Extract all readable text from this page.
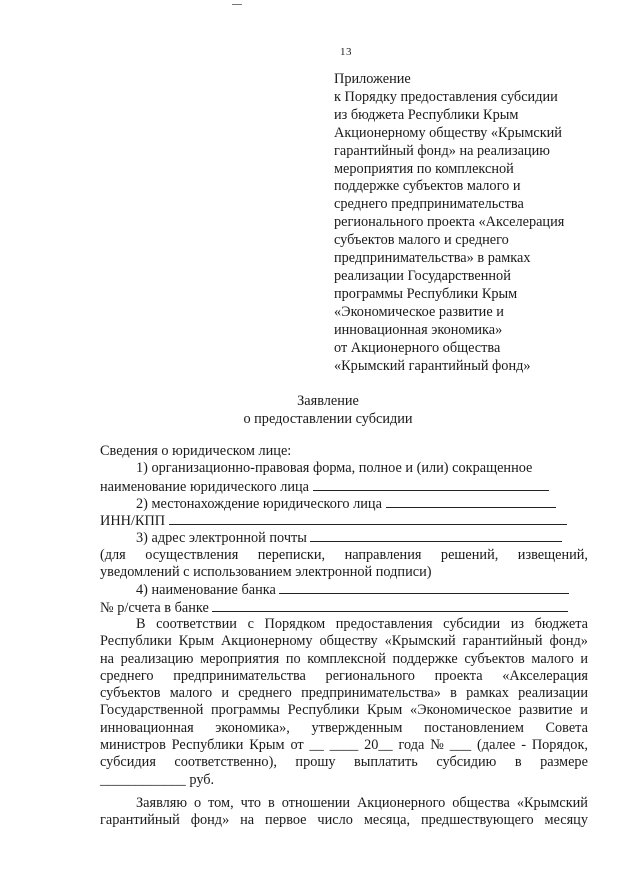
13
Приложение
к Порядку предоставления субсидии
из бюджета Республики Крым
Акционерному обществу «Крымский
гарантийный фонд» на реализацию
мероприятия по комплексной
поддержке субъектов малого и
среднего предпринимательства
регионального проекта «Акселерация
субъектов малого и среднего
предпринимательства» в рамках
реализации Государственной
программы Республики Крым
«Экономическое развитие и
инновационная экономика»
от Акционерного общества
«Крымский гарантийный фонд»
Заявление
о предоставлении субсидии
Сведения о юридическом лице:
1) организационно-правовая форма, полное и (или) сокращенное
наименование юридического лица
2) местонахождение юридического лица
ИНН/КПП
3) адрес электронной почты
(для осуществления переписки, направления решений, извещений,
уведомлений с использованием электронной подписи)
4) наименование банка
№ р/счета в банке
В соответствии с Порядком предоставления субсидии из бюджета
Республики Крым Акционерному обществу «Крымский гарантийный фонд»
на реализацию мероприятия по комплексной поддержке субъектов малого и
среднего предпринимательства регионального проекта «Акселерация
субъектов малого и среднего предпринимательства» в рамках реализации
Государственной программы Республики Крым «Экономическое развитие и
инновационная экономика», утвержденным постановлением Совета
министров Республики Крым от __ ____ 20__ года № ___ (далее - Порядок,
субсидия соответственно), прошу выплатить субсидию в размере
____________ руб.
Заявляю о том, что в отношении Акционерного общества «Крымский
гарантийный фонд» на первое число месяца, предшествующего месяцу
